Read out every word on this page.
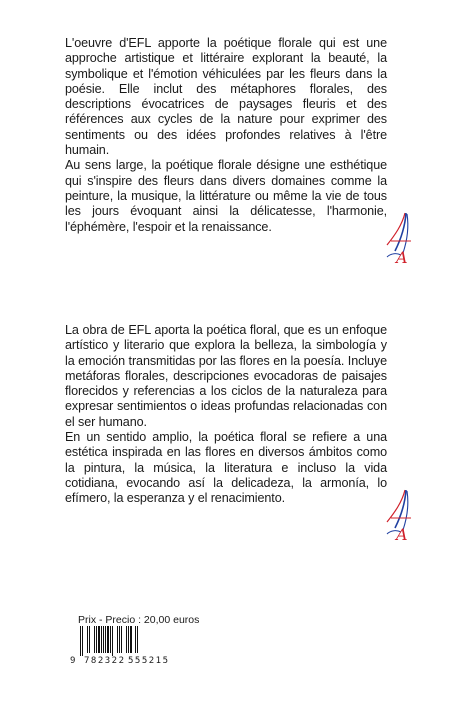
L'oeuvre d'EFL apporte la poétique florale qui est une approche artistique et littéraire explorant la beauté, la symbolique et l'émotion véhiculées par les fleurs dans la poésie. Elle inclut des métaphores florales, des descriptions évocatrices de paysages fleuris et des références aux cycles de la nature pour exprimer des sentiments ou des idées profondes relatives à l'être humain.

Au sens large, la poétique florale désigne une esthétique qui s'inspire des fleurs dans divers domaines comme la peinture, la musique, la littérature ou même la vie de tous les jours évoquant ainsi la délicatesse, l'harmonie, l'éphémère, l'espoir et la renaissance.

A

La obra de EFL aporta la poética floral, que es un enfoque artístico y literario que explora la belleza, la simbología y la emoción transmitidas por las flores en la poesía. Incluye metáforas florales, descripciones evocadoras de paisajes florecidos y referencias a los ciclos de la naturaleza para expresar sentimientos o ideas profundas relacionadas con el ser humano.

En un sentido amplio, la poética floral se refiere a una estética inspirada en las flores en diversos ámbitos como la pintura, la música, la literatura e incluso la vida cotidiana, evocando así la delicadeza, la armonía, lo efímero, la esperanza y el renacimiento.

A
Prix - Precio : 20,00 euros
9 782322 555215
